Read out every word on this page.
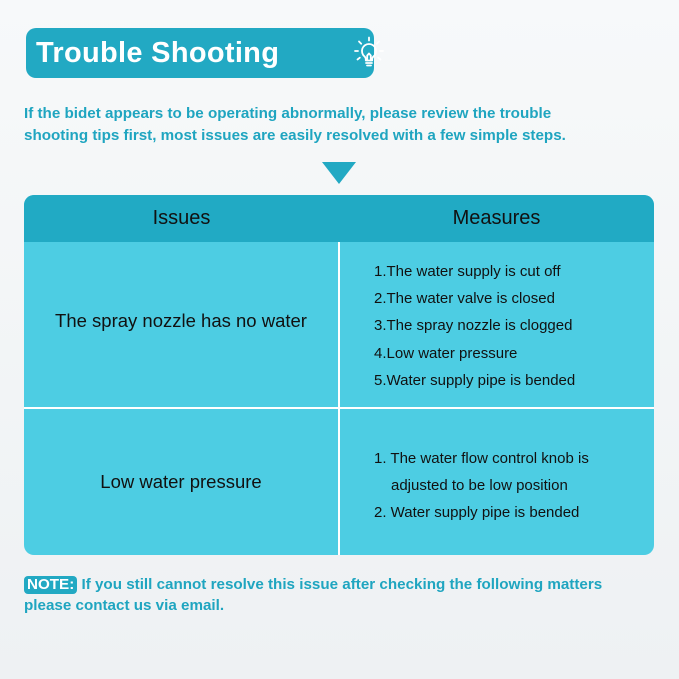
Trouble Shooting

If the bidet appears to be operating abnormally, please review the trouble

shooting tips first, most issues are easily resolved with a few simple steps.

Issues	Measures
The spray nozzle has no water
1.The water supply is cut off
2.The water valve is closed
3.The spray nozzle is clogged
4.Low water pressure
5.Water supply pipe is bended
Low water pressure
1. The water flow control knob is
adjusted to be low position
2. Water supply pipe is bended

NOTE: If you still cannot resolve this issue after checking the following matters

please contact us via email.
